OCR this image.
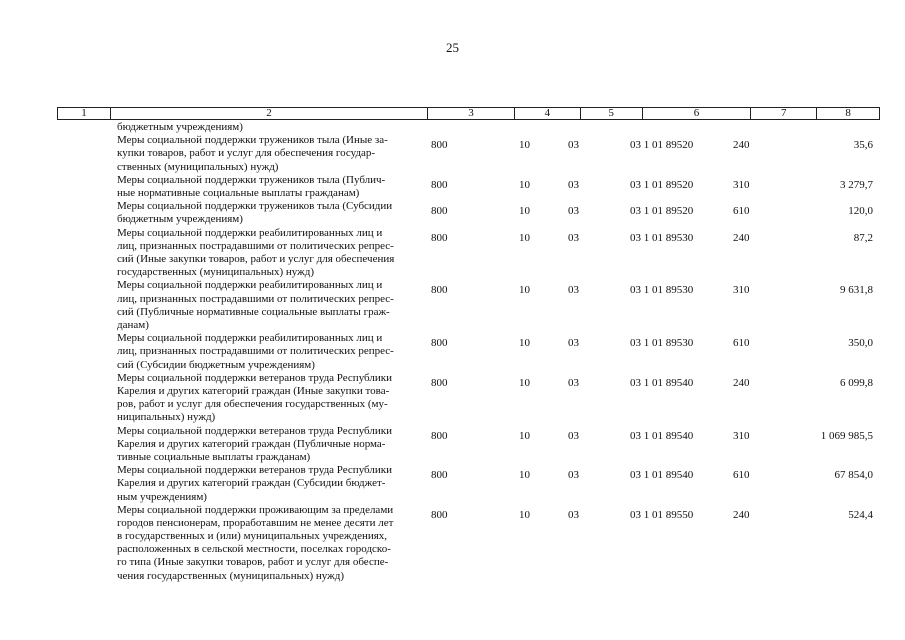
25
1	2	3	4	5	6	7	8
бюджетным учреждениям)
Меры социальной поддержки тружеников тыла (Иные за-
купки товаров, работ и услуг для обеспечения государ-
ственных (муниципальных) нужд)
800	10	03	03 1 01 89520	240	35,6
Меры социальной поддержки тружеников тыла (Публич-
ные нормативные социальные выплаты гражданам)
800	10	03	03 1 01 89520	310	3 279,7
Меры социальной поддержки тружеников тыла (Субсидии
бюджетным учреждениям)
800	10	03	03 1 01 89520	610	120,0
Меры социальной поддержки реабилитированных лиц и
лиц, признанных пострадавшими от политических репрес-
сий (Иные закупки товаров, работ и услуг для обеспечения
государственных (муниципальных) нужд)
800	10	03	03 1 01 89530	240	87,2
Меры социальной поддержки реабилитированных лиц и
лиц, признанных пострадавшими от политических репрес-
сий (Публичные нормативные социальные выплаты граж-
данам)
800	10	03	03 1 01 89530	310	9 631,8
Меры социальной поддержки реабилитированных лиц и
лиц, признанных пострадавшими от политических репрес-
сий (Субсидии бюджетным учреждениям)
800	10	03	03 1 01 89530	610	350,0
Меры социальной поддержки ветеранов труда Республики
Карелия и других категорий граждан (Иные закупки това-
ров, работ и услуг для обеспечения государственных (му-
ниципальных) нужд)
800	10	03	03 1 01 89540	240	6 099,8
Меры социальной поддержки ветеранов труда Республики
Карелия и других категорий граждан (Публичные норма-
тивные социальные выплаты гражданам)
800	10	03	03 1 01 89540	310	1 069 985,5
Меры социальной поддержки ветеранов труда Республики
Карелия и других категорий граждан (Субсидии бюджет-
ным учреждениям)
800	10	03	03 1 01 89540	610	67 854,0
Меры социальной поддержки проживающим за пределами
городов пенсионерам, проработавшим не менее десяти лет
в государственных и (или) муниципальных учреждениях,
расположенных в сельской местности, поселках городско-
го типа (Иные закупки товаров, работ и услуг для обеспе-
чения государственных (муниципальных) нужд)
800	10	03	03 1 01 89550	240	524,4
